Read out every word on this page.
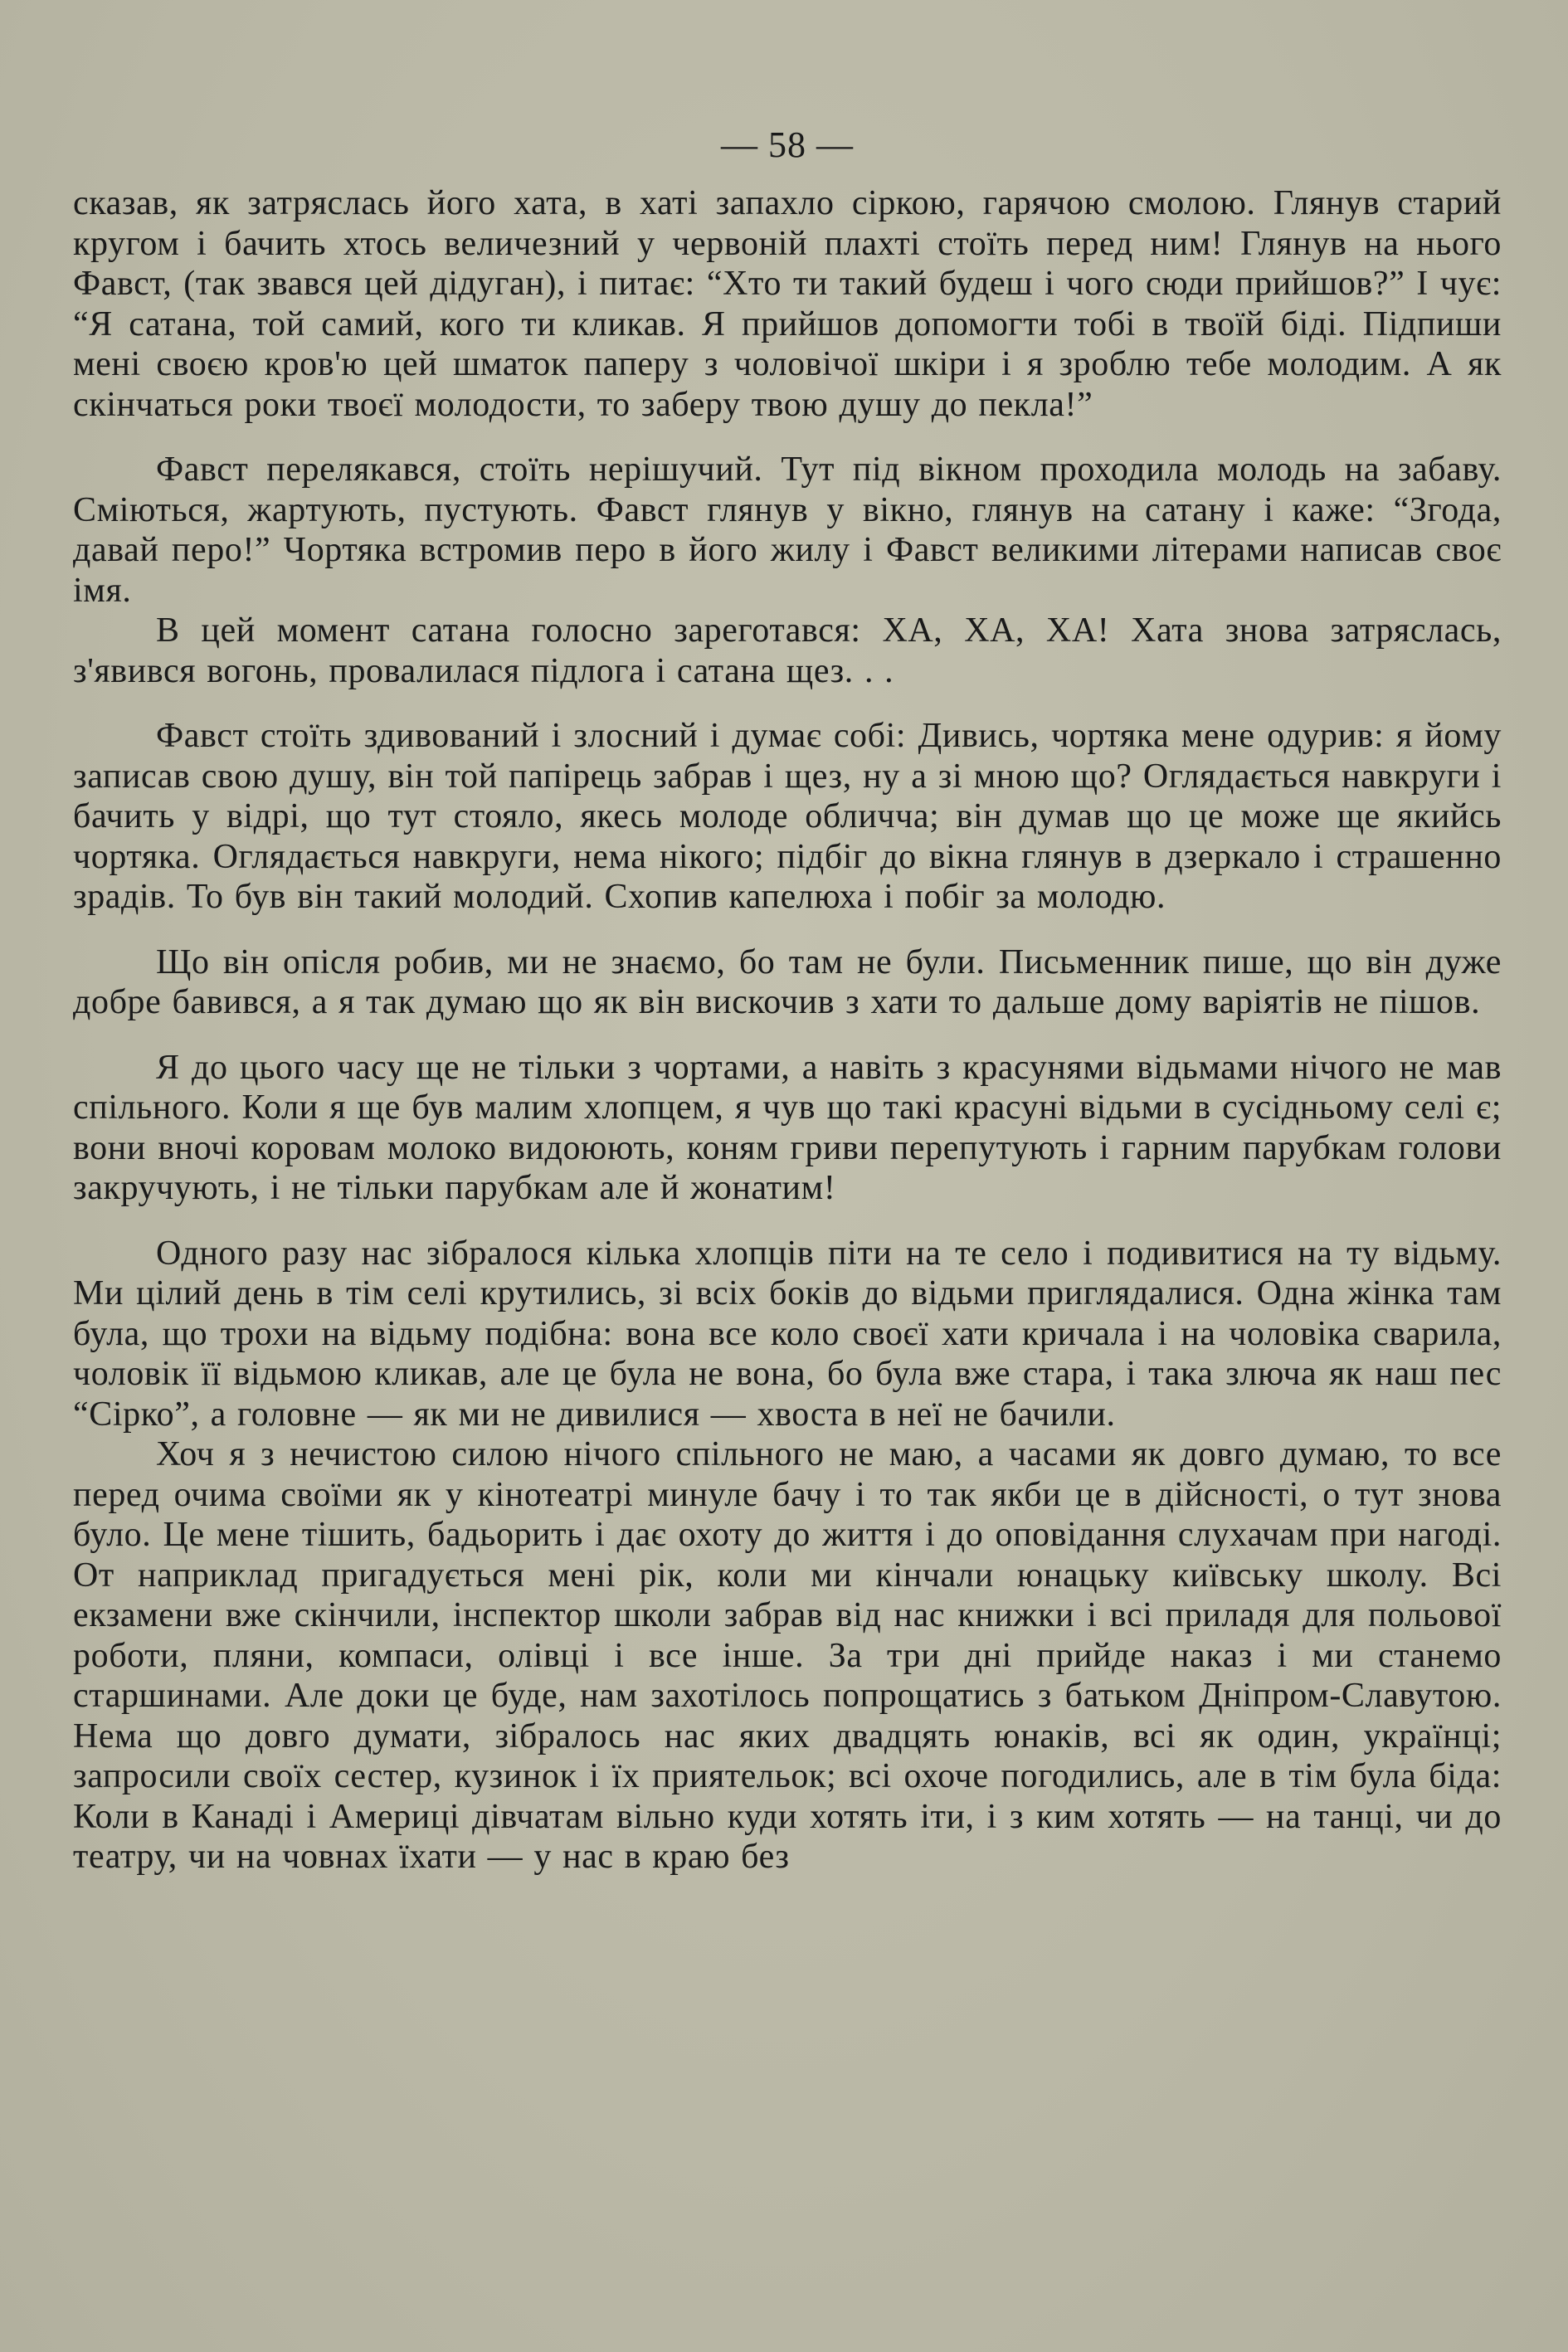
— 58 —

сказав, як затряслась його хата, в хаті запахло сіркою, гарячою смолою. Глянув старий кругом і бачить хтось величезний у червоній плахті стоїть перед ним! Глянув на нього Фавст, (так звався цей дідуган), і питає: “Хто ти такий будеш і чого сюди прийшов?” І чує: “Я сатана, той самий, кого ти кликав. Я прийшов допомогти тобі в твоїй біді. Підпиши мені своєю кров'ю цей шматок паперу з чоловічої шкіри і я зроблю тебе молодим. А як скінчаться роки твоєї молодости, то заберу твою душу до пекла!”

Фавст перелякався, стоїть нерішучий. Тут під вікном проходила молодь на забаву. Сміються, жартують, пустують. Фавст глянув у вікно, глянув на сатану і каже: “Згода, давай перо!” Чортяка встромив перо в його жилу і Фавст великими літерами написав своє імя.

В цей момент сатана голосно зареготався: ХА, ХА, ХА! Хата знова затряслась, з'явився вогонь, провалилася підлога і сатана щез. . .

Фавст стоїть здивований і злосний і думає собі: Дивись, чортяка мене одурив: я йому записав свою душу, він той папірець забрав і щез, ну а зі мною що? Оглядається навкруги і бачить у відрі, що тут стояло, якесь молоде обличча; він думав що це може ще якийсь чортяка. Оглядається навкруги, нема нікого; підбіг до вікна глянув в дзеркало і страшенно зрадів. То був він такий молодий. Схопив капелюха і побіг за молодю.

Що він опісля робив, ми не знаємо, бо там не були. Письменник пише, що він дуже добре бавився, а я так думаю що як він вискочив з хати то дальше дому варіятів не пішов.

Я до цього часу ще не тільки з чортами, а навіть з красунями відьмами нічого не мав спільного. Коли я ще був малим хлопцем, я чув що такі красуні відьми в сусідньому селі є; вони вночі коровам молоко видоюють, коням гриви перепутують і гарним парубкам голови закручують, і не тільки парубкам але й жонатим!

Одного разу нас зібралося кілька хлопців піти на те село і подивитися на ту відьму. Ми цілий день в тім селі крутились, зі всіх боків до відьми приглядалися. Одна жінка там була, що трохи на відьму подібна: вона все коло своєї хати кричала і на чоловіка сварила, чоловік її відьмою кликав, але це була не вона, бо була вже стара, і така злюча як наш пес “Сірко”, а головне — як ми не дивилися — хвоста в неї не бачили.

Хоч я з нечистою силою нічого спільного не маю, а часами як довго думаю, то все перед очима своїми як у кінотеатрі минуле бачу і то так якби це в дійсності, о тут знова було. Це мене тішить, бадьорить і дає охоту до життя і до оповідання слухачам при нагоді. От наприклад пригадується мені рік, коли ми кінчали юнацьку київську школу. Всі екзамени вже скінчили, інспектор школи забрав від нас книжки і всі приладя для польової роботи, пляни, компаси, олівці і все інше. За три дні прийде наказ і ми станемо старшинами. Але доки це буде, нам захотілось попрощатись з батьком Дніпром-Славутою. Нема що довго думати, зібралось нас яких двадцять юнаків, всі як один, українці; запросили своїх сестер, кузинок і їх приятельок; всі охоче погодились, але в тім була біда: Коли в Канаді і Америці дівчатам вільно куди хотять іти, і з ким хотять — на танці, чи до театру, чи на човнах їхати — у нас в краю без
